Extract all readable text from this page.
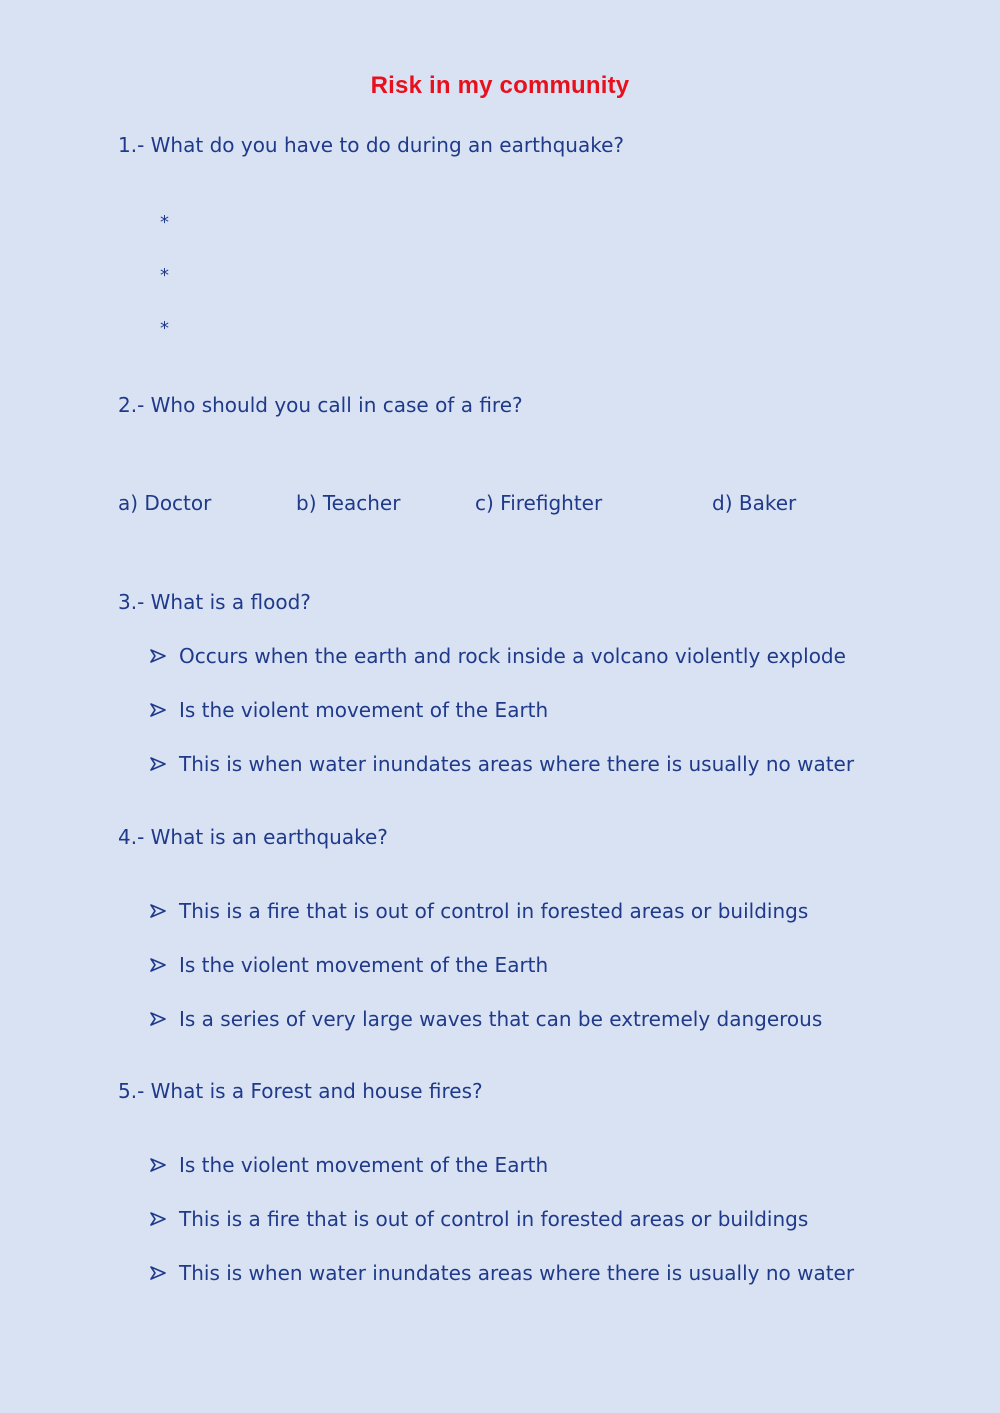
Risk in my community
1.- What do you have to do during an earthquake?
*
*
*
2.- Who should you call in case of a fire?
a) Doctor	b) Teacher	c) Firefighter	d) Baker
3.- What is a flood?
Occurs when the earth and rock inside a volcano violently explode
Is the violent movement of the Earth
This is when water inundates areas where there is usually no water
4.- What is an earthquake?
This is a fire that is out of control in forested areas or buildings
Is the violent movement of the Earth
Is a series of very large waves that can be extremely dangerous
5.- What is a Forest and house fires?
Is the violent movement of the Earth
This is a fire that is out of control in forested areas or buildings
This is when water inundates areas where there is usually no water
